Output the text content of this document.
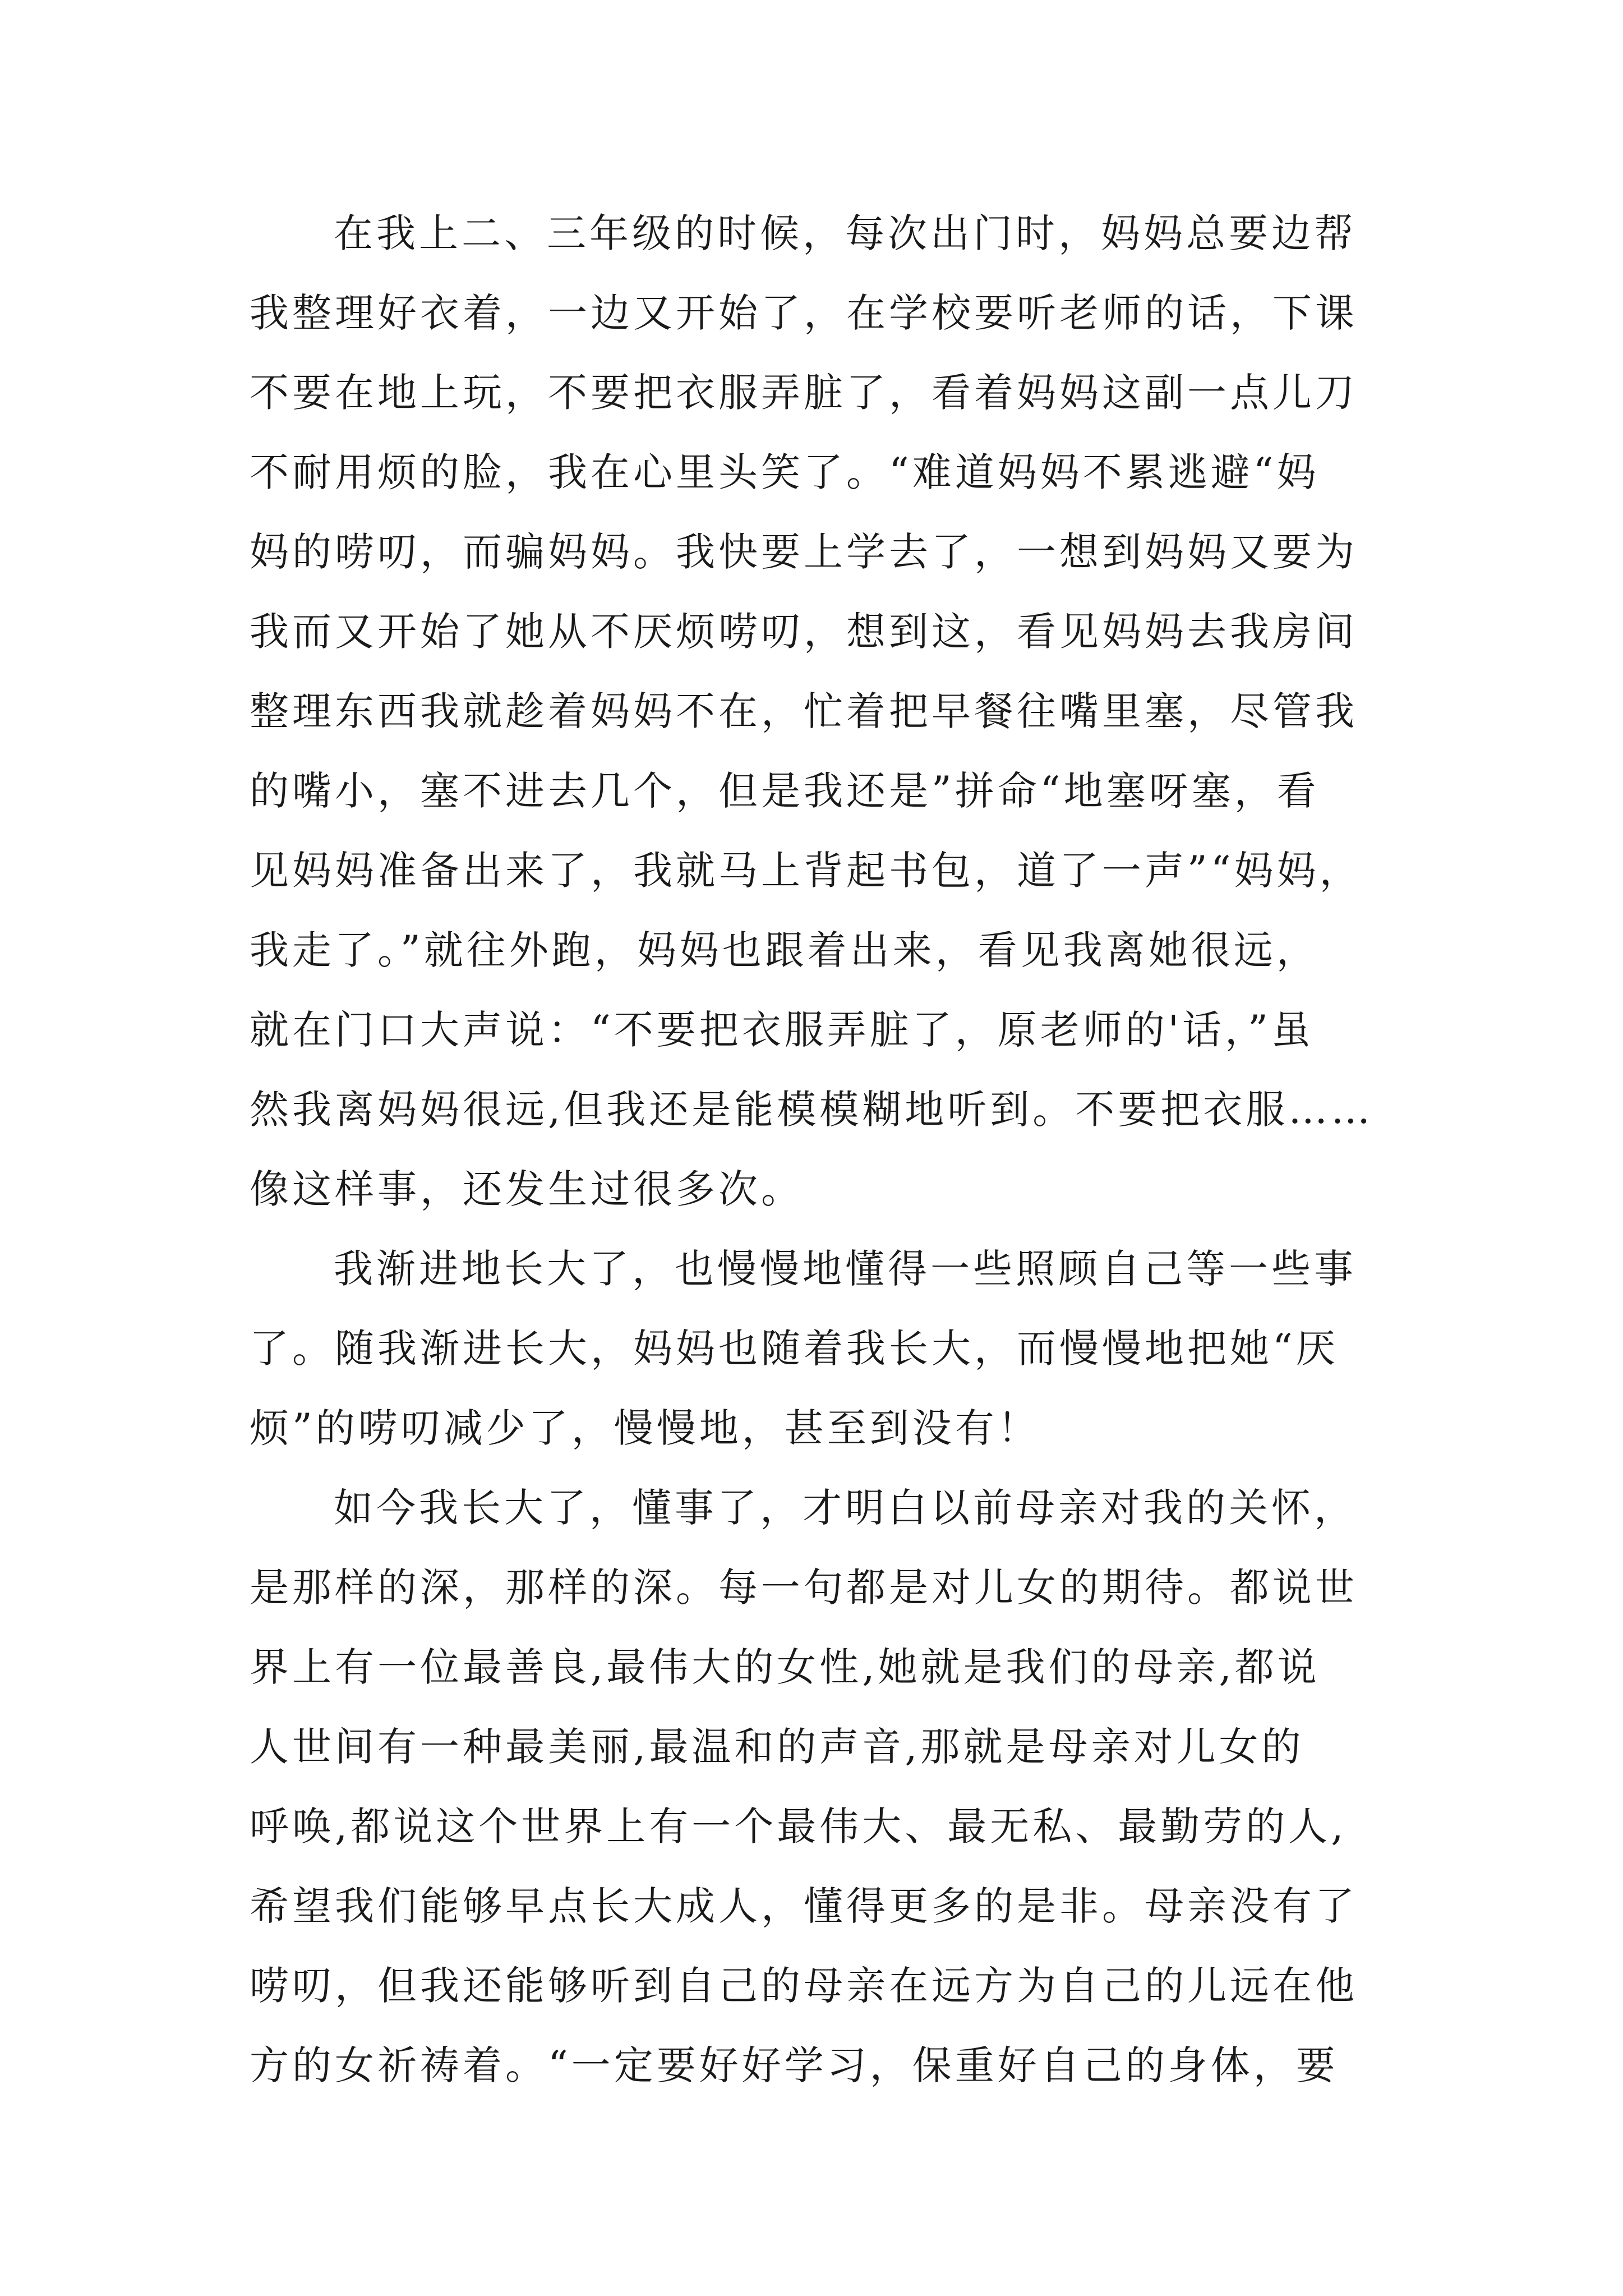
在我上二、三年级的时候，每次出门时，妈妈总要边帮
我整理好衣着，一边又开始了，在学校要听老师的话，下课
不要在地上玩，不要把衣服弄脏了，看着妈妈这副一点儿刀
不耐用烦的脸，我在心里头笑了。“难道妈妈不累逃避“妈
妈的唠叨，而骗妈妈。我快要上学去了，一想到妈妈又要为
我而又开始了她从不厌烦唠叨，想到这，看见妈妈去我房间
整理东西我就趁着妈妈不在，忙着把早餐往嘴里塞，尽管我
的嘴小，塞不进去几个，但是我还是”拼命“地塞呀塞，看
见妈妈准备出来了，我就马上背起书包，道了一声”“妈妈，
我走了。”就往外跑，妈妈也跟着出来，看见我离她很远，
就在门口大声说：“不要把衣服弄脏了，原老师的'话，”虽
然我离妈妈很远,但我还是能模模糊地听到。不要把衣服……
像这样事，还发生过很多次。
我渐进地长大了，也慢慢地懂得一些照顾自己等一些事
了。随我渐进长大，妈妈也随着我长大，而慢慢地把她“厌
烦”的唠叨减少了，慢慢地，甚至到没有！
如今我长大了，懂事了，才明白以前母亲对我的关怀，
是那样的深，那样的深。每一句都是对儿女的期待。都说世
界上有一位最善良,最伟大的女性,她就是我们的母亲,都说
人世间有一种最美丽,最温和的声音,那就是母亲对儿女的
呼唤,都说这个世界上有一个最伟大、最无私、最勤劳的人,
希望我们能够早点长大成人，懂得更多的是非。母亲没有了
唠叨，但我还能够听到自己的母亲在远方为自己的儿远在他
方的女祈祷着。“一定要好好学习，保重好自己的身体，要
